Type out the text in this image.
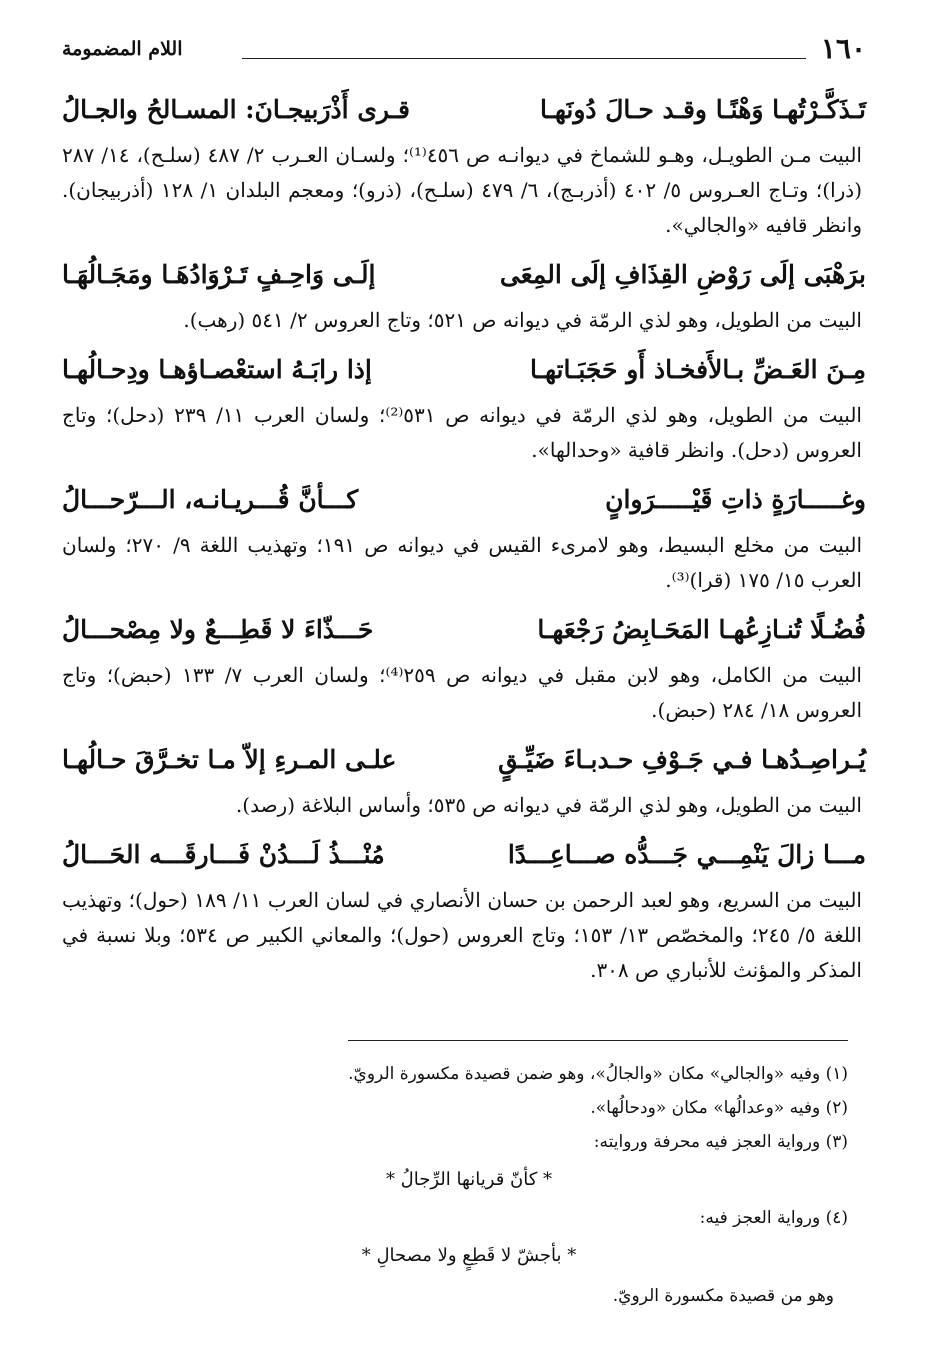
١٦٠
اللام المضمومة
تَـذَكَّـرْتُهـا وَهْنًـا وقـد حـالَ دُونَهـا
قـرى أَذْرَبيجـانَ: المسـالحُ والجـالُ

البيت مـن الطويـل، وهـو للشماخ في ديوانـه ص ٤٥٦⁽¹⁾؛ ولسـان العـرب ٢/ ٤٨٧ (سلـح)، ١٤/ ٢٨٧ (ذرا)؛ وتـاج العـروس ٥/ ٤٠٢ (أذربـج)، ٦/ ٤٧٩ (سلـح)، (ذرو)؛ ومعجم البلدان ١/ ١٢٨ (أذربيجان). وانظر قافيه «والجالي».

برَهْبَى إلَى رَوْضِ القِذَافِ إلَى المِعَى
إلَـى وَاحِـفٍ تَـرْوَادُهَـا ومَجَـالُهَـا

البيت من الطويل، وهو لذي الرمّة في ديوانه ص ٥٢١؛ وتاج العروس ٢/ ٥٤١ (رهب).

مِـنَ العَـضِّ بـالأَفخـاذ أَو حَجَبَـاتهـا
إذا رابَـهُ استعْصـاؤهـا ودِحـالُهـا

البيت من الطويل، وهو لذي الرمّة في ديوانه ص ٥٣١⁽²⁾؛ ولسان العرب ١١/ ٢٣٩ (دحل)؛ وتاج العروس (دحل). وانظر قافية «وحدالها».

وغـــــارَةٍ ذاتِ قَيْـــــرَوانٍ
كـــأنَّ قُـــريـانـه، الـــرّحـــالُ

البيت من مخلع البسيط، وهو لامرىء القيس في ديوانه ص ١٩١؛ وتهذيب اللغة ٩/ ٢٧٠؛ ولسان العرب ١٥/ ١٧٥ (قرا)⁽³⁾.

فُضُـلًا تُنـازِعُهـا المَحَـابِضُ رَجْعَهـا
حَـــذّاءَ لا قَطِـــعٌ ولا مِصْحـــالُ

البيت من الكامل، وهو لابن مقبل في ديوانه ص ٢٥٩⁽⁴⁾؛ ولسان العرب ٧/ ١٣٣ (حبض)؛ وتاج العروس ١٨/ ٢٨٤ (حبض).

يُـراصِـدُهـا فـي جَـوْفِ حـدبـاءَ ضَيِّـقٍ
علـى المـرءِ إلاّ مـا تخـرَّقَ حـالُهـا

البيت من الطويل، وهو لذي الرمّة في ديوانه ص ٥٣٥؛ وأساس البلاغة (رصد).

مـــا زالَ يَنْمِـــي جَـــدُّه صـــاعِـــدًا
مُنْـــذُ لَـــدُنْ فَـــارقَـــه الحَـــالُ

البيت من السريع، وهو لعبد الرحمن بن حسان الأنصاري في لسان العرب ١١/ ١٨٩ (حول)؛ وتهذيب اللغة ٥/ ٢٤٥؛ والمخصّص ١٣/ ١٥٣؛ وتاج العروس (حول)؛ والمعاني الكبير ص ٥٣٤؛ وبلا نسبة في المذكر والمؤنث للأنباري ص ٣٠٨.

(١) وفيه «والجالي» مكان «والجالُ»، وهو ضمن قصيدة مكسورة الرويّ.

(٢) وفيه «وعدالُها» مكان «ودحالُها».

(٣) ورواية العجز فيه محرفة وروايته:

* كأنّ قريانها الرِّجالُ *

(٤) ورواية العجز فيه:

* بأجشّ لا قَطِعٍ ولا مصحالِ *

وهو من قصيدة مكسورة الرويّ.
